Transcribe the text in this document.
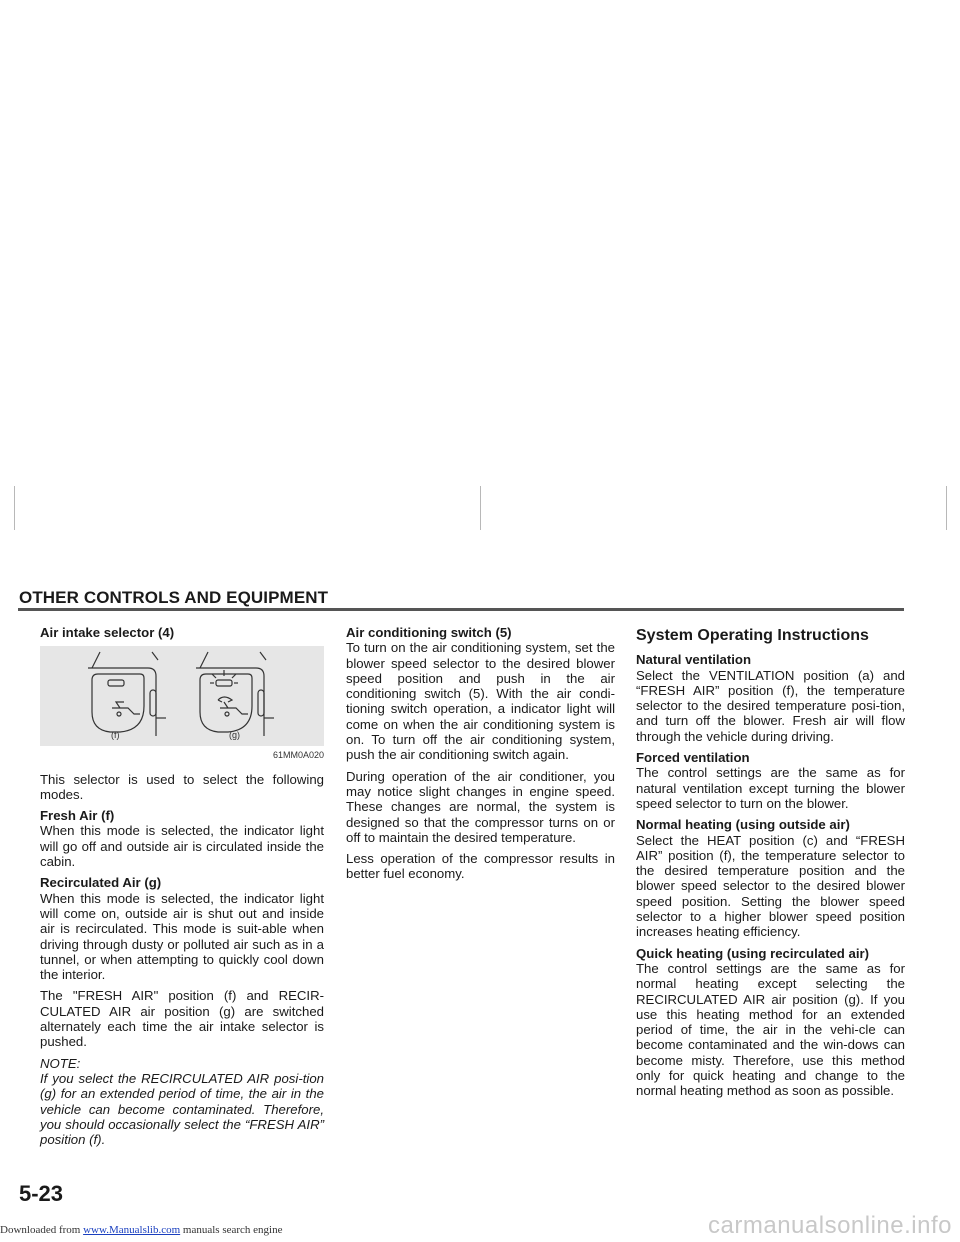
OTHER CONTROLS AND EQUIPMENT
Air intake selector (4)
(f)	(g)
61MM0A020

This selector is used to select the following modes.

Fresh Air (f)

When this mode is selected, the indicator light will go off and outside air is circulated inside the cabin.

Recirculated Air (g)

When this mode is selected, the indicator light will come on, outside air is shut out and inside air is recirculated. This mode is suit-able when driving through dusty or polluted air such as in a tunnel, or when attempting to quickly cool down the interior.

The "FRESH AIR" position (f) and RECIR-CULATED AIR air position (g) are switched alternately each time the air intake selector is pushed.

NOTE:
If you select the RECIRCULATED AIR posi-tion (g) for an extended period of time, the air in the vehicle can become contaminated. Therefore, you should occasionally select the “FRESH AIR” position (f).
Air conditioning switch (5)

To turn on the air conditioning system, set the blower speed selector to the desired blower speed position and push in the air conditioning switch (5). With the air condi-tioning switch operation, a indicator light will come on when the air conditioning system is on. To turn off the air conditioning system, push the air conditioning switch again.

During operation of the air conditioner, you may notice slight changes in engine speed. These changes are normal, the system is designed so that the compressor turns on or off to maintain the desired temperature.

Less operation of the compressor results in better fuel economy.

System Operating Instructions
Natural ventilation

Select the VENTILATION position (a) and “FRESH AIR” position (f), the temperature selector to the desired temperature posi-tion, and turn off the blower. Fresh air will flow through the vehicle during driving.

Forced ventilation

The control settings are the same as for natural ventilation except turning the blower speed selector to turn on the blower.

Normal heating (using outside air)

Select the HEAT position (c) and “FRESH AIR” position (f), the temperature selector to the desired temperature position and the blower speed selector to the desired blower speed position. Setting the blower speed selector to a higher blower speed position increases heating efficiency.

Quick heating (using recirculated air)

The control settings are the same as for normal heating except selecting the RECIRCULATED AIR air position (g). If you use this heating method for an extended period of time, the air in the vehi-cle can become contaminated and the win-dows can become misty. Therefore, use this method only for quick heating and change to the normal heating method as soon as possible.

5-23
Downloaded from www.Manualslib.com manuals search engine	carmanualsonline.info
